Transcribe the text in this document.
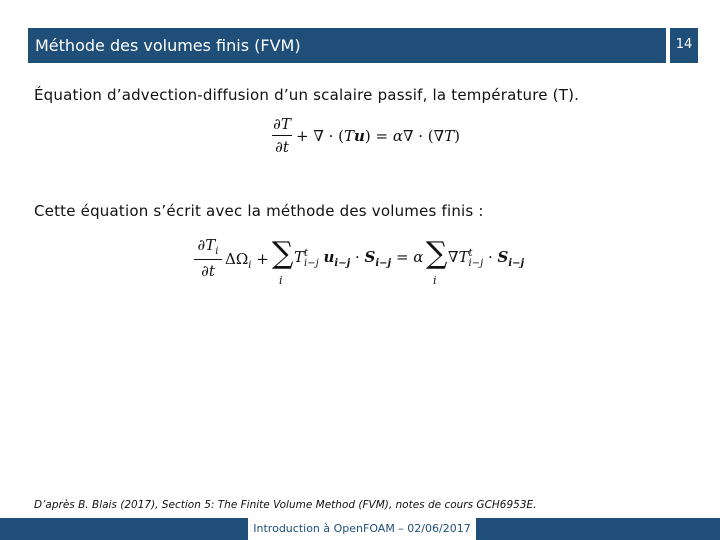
Méthode des volumes finis (FVM)	14
Équation d’advection-diffusion d’un scalaire passif, la température (T).
∂T
∂t
+ ∇ · (Tu) = α∇ · (∇T)
Cette équation s’écrit avec la méthode des volumes finis :
$\partial T_i$
∂t
$\Delta\Omega_i$ + ∑
i
$T^t_{i-j}$ $u_{i-j} \cdot S_{i-j} = \alpha$ ∑
i
$\nabla T^t_{i-j} \cdot S_{i-j}$
D’après B. Blais (2017), Section 5: The Finite Volume Method (FVM), notes de cours GCH6953E.
Introduction à OpenFOAM – 02/06/2017
